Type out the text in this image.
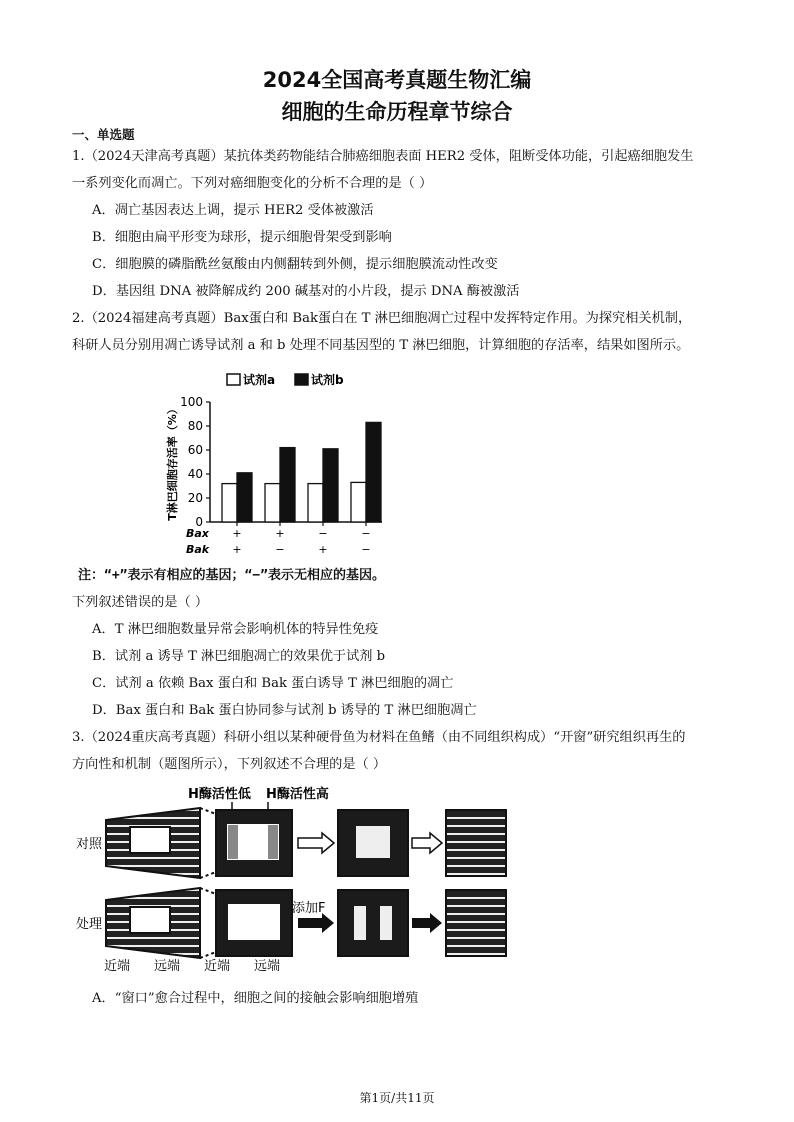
2024全国高考真题生物汇编
细胞的生命历程章节综合
一、单选题
1.（2024天津高考真题）某抗体类药物能结合肺癌细胞表面 HER2 受体，阻断受体功能，引起癌细胞发生
一系列变化而凋亡。下列对癌细胞变化的分析不合理的是（ ）
A．凋亡基因表达上调，提示 HER2 受体被激活
B．细胞由扁平形变为球形，提示细胞骨架受到影响
C．细胞膜的磷脂酰丝氨酸由内侧翻转到外侧，提示细胞膜流动性改变
D．基因组 DNA 被降解成约 200 碱基对的小片段，提示 DNA 酶被激活
2.（2024福建高考真题）Bax蛋白和 Bak蛋白在 T 淋巴细胞凋亡过程中发挥特定作用。为探究相关机制，
科研人员分别用凋亡诱导试剂 a 和 b 处理不同基因型的 T 淋巴细胞，计算细胞的存活率，结果如图所示。
试剂a	试剂b
T淋巴细胞存活率（%）
0
20
40
60
80
100
+
+
+
−
−
+
−
−
Bax
Bak
注：“+”表示有相应的基因；“−”表示无相应的基因。
下列叙述错误的是（ ）
A．T 淋巴细胞数量异常会影响机体的特异性免疫
B．试剂 a 诱导 T 淋巴细胞凋亡的效果优于试剂 b
C．试剂 a 依赖 Bax 蛋白和 Bak 蛋白诱导 T 淋巴细胞的凋亡
D．Bax 蛋白和 Bak 蛋白协同参与试剂 b 诱导的 T 淋巴细胞凋亡
3.（2024重庆高考真题）科研小组以某种硬骨鱼为材料在鱼鳍（由不同组织构成）“开窗”研究组织再生的
方向性和机制（题图所示），下列叙述不合理的是（ ）
H酶活性低 H酶活性高
对照
处理
添加F
近端 远端 近端 远端
A．“窗口”愈合过程中，细胞之间的接触会影响细胞增殖
第1页/共11页
